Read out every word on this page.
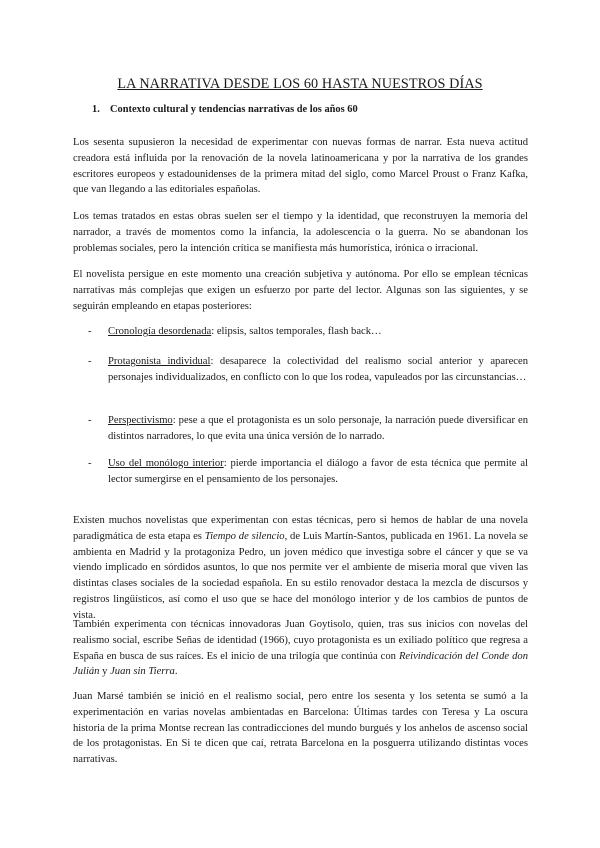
LA NARRATIVA DESDE LOS 60 HASTA NUESTROS DÍAS
1. Contexto cultural y tendencias narrativas de los años 60

Los sesenta supusieron la necesidad de experimentar con nuevas formas de narrar. Esta nueva actitud creadora está influida por la renovación de la novela latinoamericana y por la narrativa de los grandes escritores europeos y estadounidenses de la primera mitad del siglo, como Marcel Proust o Franz Kafka, que van llegando a las editoriales españolas.

Los temas tratados en estas obras suelen ser el tiempo y la identidad, que reconstruyen la memoria del narrador, a través de momentos como la infancia, la adolescencia o la guerra. No se abandonan los problemas sociales, pero la intención crítica se manifiesta más humorística, irónica o irracional.

El novelista persigue en este momento una creación subjetiva y autónoma. Por ello se emplean técnicas narrativas más complejas que exigen un esfuerzo por parte del lector. Algunas son las siguientes, y se seguirán empleando en etapas posteriores:

- Cronología desordenada: elipsis, saltos temporales, flash back…
- Protagonista individual: desaparece la colectividad del realismo social anterior y aparecen personajes individualizados, en conflicto con lo que los rodea, vapuleados por las circunstancias…
- Perspectivismo: pese a que el protagonista es un solo personaje, la narración puede diversificar en distintos narradores, lo que evita una única versión de lo narrado.
- Uso del monólogo interior: pierde importancia el diálogo a favor de esta técnica que permite al lector sumergirse en el pensamiento de los personajes.

Existen muchos novelistas que experimentan con estas técnicas, pero si hemos de hablar de una novela paradigmática de esta etapa es Tiempo de silencio, de Luis Martín-Santos, publicada en 1961. La novela se ambienta en Madrid y la protagoniza Pedro, un joven médico que investiga sobre el cáncer y que se va viendo implicado en sórdidos asuntos, lo que nos permite ver el ambiente de miseria moral que viven las distintas clases sociales de la sociedad española. En su estilo renovador destaca la mezcla de discursos y registros lingüísticos, así como el uso que se hace del monólogo interior y de los cambios de puntos de vista.

También experimenta con técnicas innovadoras Juan Goytisolo, quien, tras sus inicios con novelas del realismo social, escribe Señas de identidad (1966), cuyo protagonista es un exiliado político que regresa a España en busca de sus raíces. Es el inicio de una trilogía que continúa con Reivindicación del Conde don Julián y Juan sin Tierra.

Juan Marsé también se inició en el realismo social, pero entre los sesenta y los setenta se sumó a la experimentación en varias novelas ambientadas en Barcelona: Últimas tardes con Teresa y La oscura historia de la prima Montse recrean las contradicciones del mundo burgués y los anhelos de ascenso social de los protagonistas. En Si te dicen que caí, retrata Barcelona en la posguerra utilizando distintas voces narrativas.
